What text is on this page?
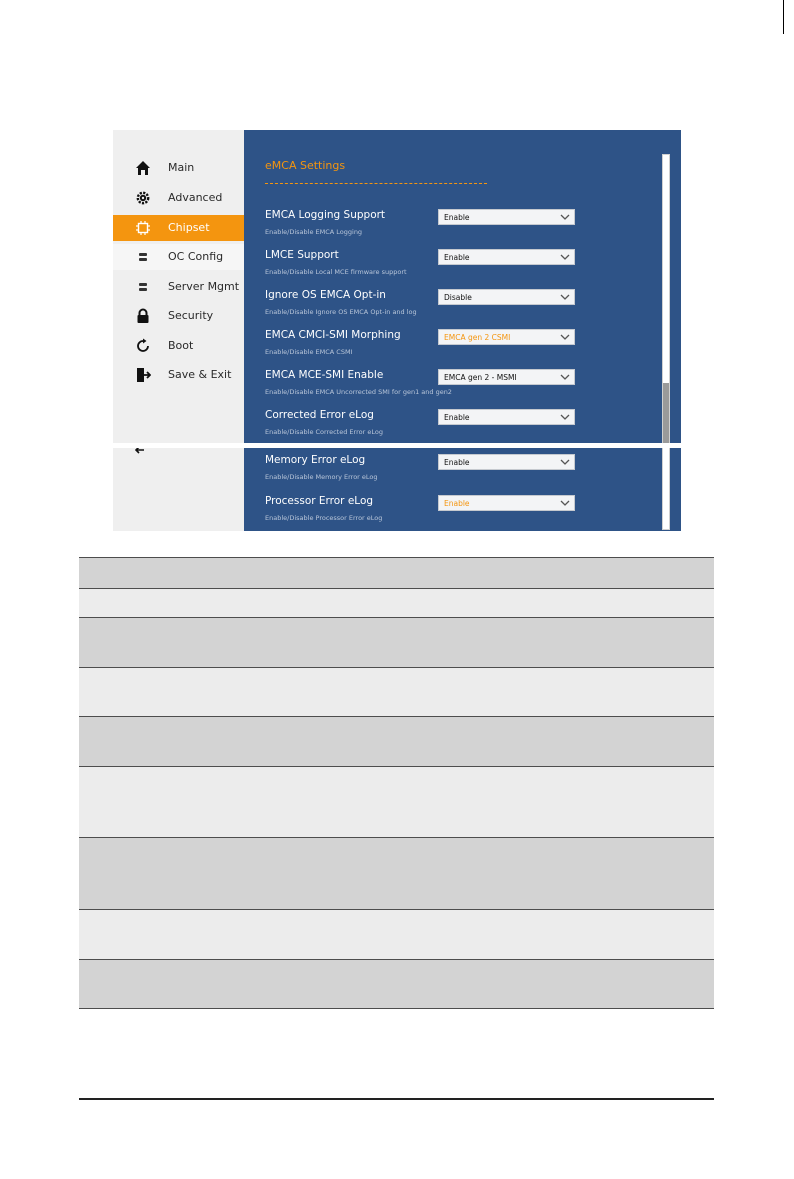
Main
Advanced
Chipset
OC Config
Server Mgmt
Security
Boot
Save & Exit
eMCA Settings
EMCA Logging Support
Enable/Disable EMCA Logging
Enable
LMCE Support
Enable/Disable Local MCE firmware support
Enable
Ignore OS EMCA Opt-in
Enable/Disable Ignore OS EMCA Opt-in and log
Disable
EMCA CMCI-SMI Morphing
Enable/Disable EMCA CSMI
EMCA gen 2 CSMI
EMCA MCE-SMI Enable
Enable/Disable EMCA Uncorrected SMI for gen1 and gen2
EMCA gen 2 - MSMI
Corrected Error eLog
Enable/Disable Corrected Error eLog
Enable
Memory Error eLog
Enable/Disable Memory Error eLog
Enable
Processor Error eLog
Enable/Disable Processor Error eLog
Enable
